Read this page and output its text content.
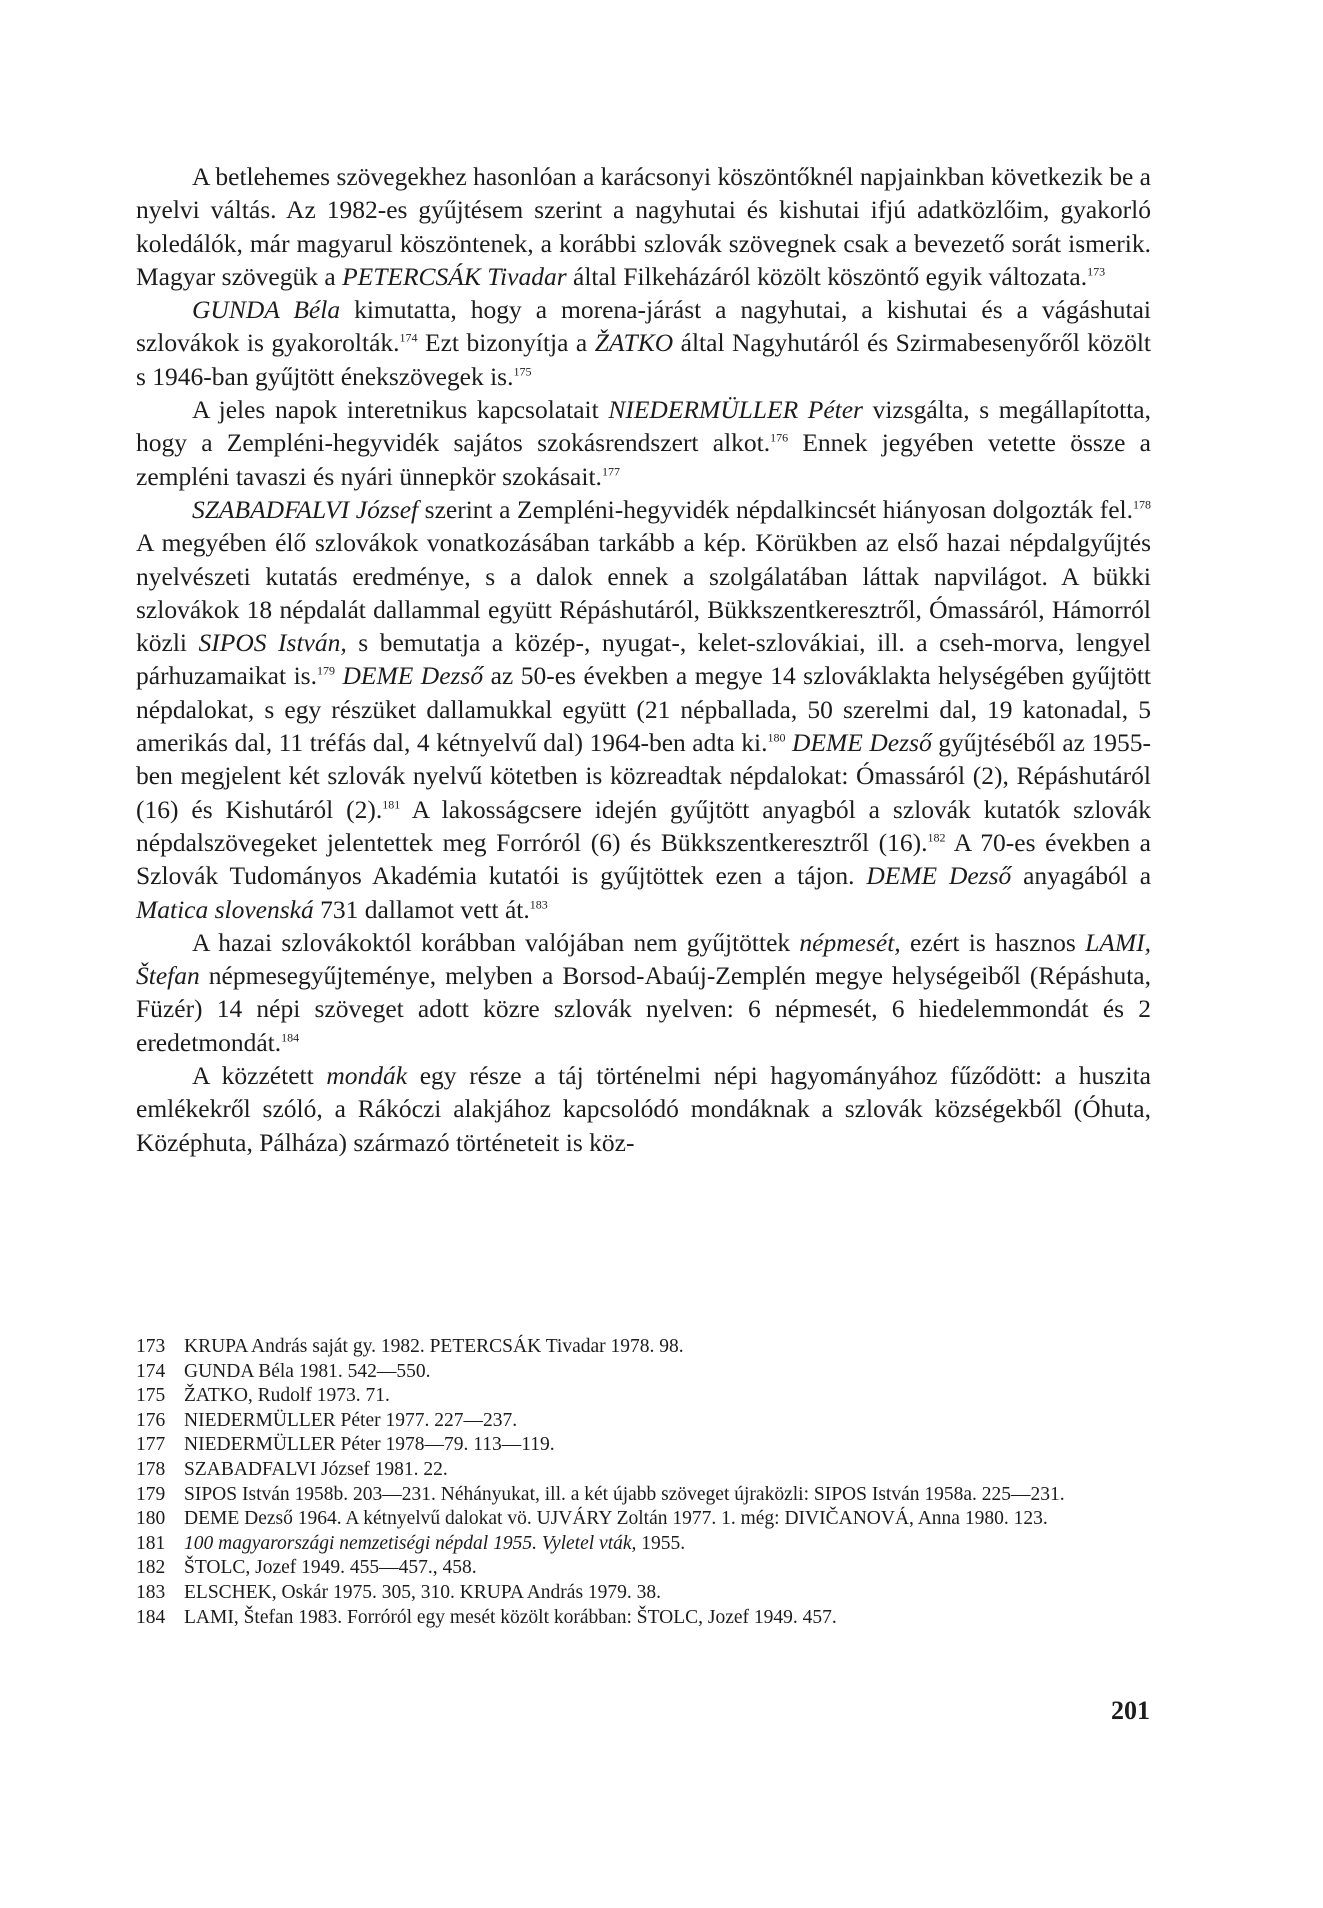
A betlehemes szövegekhez hasonlóan a karácsonyi köszöntőknél napjainkban következik be a nyelvi váltás. Az 1982-es gyűjtésem szerint a nagyhutai és kishutai ifjú adatközlőim, gyakorló koledálók, már magyarul köszöntenek, a korábbi szlovák szövegnek csak a bevezető sorát ismerik. Magyar szövegük a PETERCSÁK Tivadar által Filkeházáról közölt köszöntő egyik változata.$^{173}$

GUNDA Béla kimutatta, hogy a morena-járást a nagyhutai, a kishutai és a vágáshutai szlovákok is gyakorolták.$^{174}$ Ezt bizonyítja a ŽATKO által Nagyhutáról és Szirmabesenyőről közölt s 1946-ban gyűjtött énekszövegek is.$^{175}$

A jeles napok interetnikus kapcsolatait NIEDERMÜLLER Péter vizsgálta, s megállapította, hogy a Zempléni-hegyvidék sajátos szokásrendszert alkot.$^{176}$ Ennek jegyében vetette össze a zempléni tavaszi és nyári ünnepkör szokásait.$^{177}$

SZABADFALVI József szerint a Zempléni-hegyvidék népdalkincsét hiányosan dolgozták fel.$^{178}$ A megyében élő szlovákok vonatkozásában tarkább a kép. Körükben az első hazai népdalgyűjtés nyelvészeti kutatás eredménye, s a dalok ennek a szolgálatában láttak napvilágot. A bükki szlovákok 18 népdalát dallammal együtt Répáshutáról, Bükkszentkeresztről, Ómassáról, Hámorról közli SIPOS István, s bemutatja a közép-, nyugat-, kelet-szlovákiai, ill. a cseh-morva, lengyel párhuzamaikat is.$^{179}$ DEME Dezső az 50-es években a megye 14 szlováklakta helységében gyűjtött népdalokat, s egy részüket dallamukkal együtt (21 népballada, 50 szerelmi dal, 19 katonadal, 5 amerikás dal, 11 tréfás dal, 4 kétnyelvű dal) 1964-ben adta ki.$^{180}$ DEME Dezső gyűjtéséből az 1955-ben megjelent két szlovák nyelvű kötetben is közreadtak népdalokat: Ómassáról (2), Répáshutáról (16) és Kishutáról (2).$^{181}$ A lakosságcsere idején gyűjtött anyagból a szlovák kutatók szlovák népdalszövegeket jelentettek meg Forróról (6) és Bükkszentkeresztről (16).$^{182}$ A 70-es években a Szlovák Tudományos Akadémia kutatói is gyűjtöttek ezen a tájon. DEME Dezső anyagából a Matica slovenská 731 dallamot vett át.$^{183}$

A hazai szlovákoktól korábban valójában nem gyűjtöttek népmesét, ezért is hasznos LAMI, Štefan népmesegyűjteménye, melyben a Borsod-Abaúj-Zemplén megye helységeiből (Répáshuta, Füzér) 14 népi szöveget adott közre szlovák nyelven: 6 népmesét, 6 hiedelemmondát és 2 eredetmondát.$^{184}$

A közzétett mondák egy része a táj történelmi népi hagyományához fűződött: a huszita emlékekről szóló, a Rákóczi alakjához kapcsolódó mondáknak a szlovák községekből (Óhuta, Középhuta, Pálháza) származó történeteit is köz-

173 KRUPA András saját gy. 1982. PETERCSÁK Tivadar 1978. 98.
174 GUNDA Béla 1981. 542—550.
175 ŽATKO, Rudolf 1973. 71.
176 NIEDERMÜLLER Péter 1977. 227—237.
177 NIEDERMÜLLER Péter 1978—79. 113—119.
178 SZABADFALVI József 1981. 22.
179 SIPOS István 1958b. 203—231. Néhányukat, ill. a két újabb szöveget újraközli: SIPOS István 1958a. 225—231.
180 DEME Dezső 1964. A kétnyelvű dalokat vö. UJVÁRY Zoltán 1977. 1. még: DIVIČANOVÁ, Anna 1980. 123.
181 100 magyarországi nemzetiségi népdal 1955. Vyletel vták, 1955.
182 ŠTOLC, Jozef 1949. 455—457., 458.
183 ELSCHEK, Oskár 1975. 305, 310. KRUPA András 1979. 38.
184 LAMI, Štefan 1983. Forróról egy mesét közölt korábban: ŠTOLC, Jozef 1949. 457.
201
